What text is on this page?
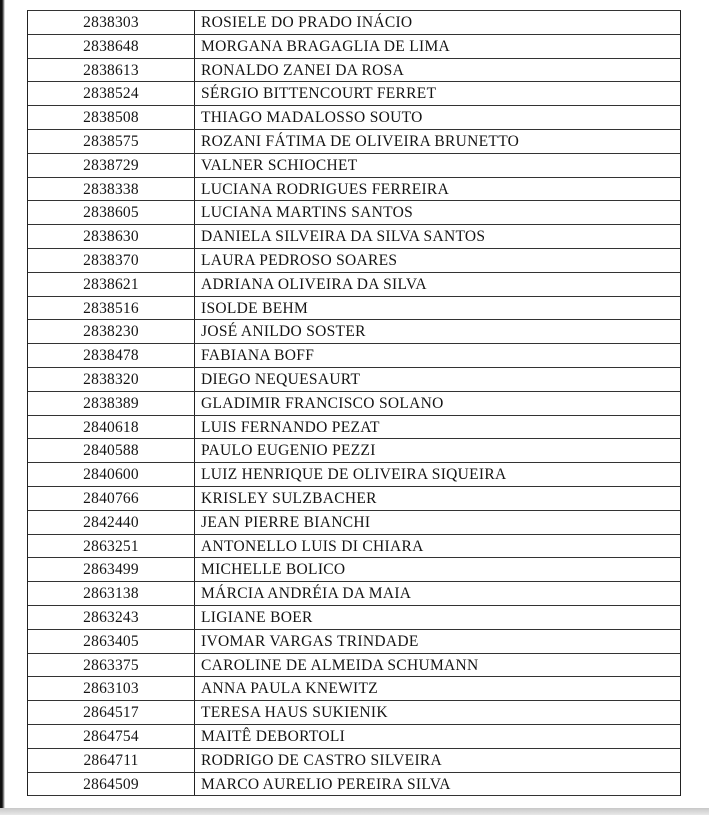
2838303	ROSIELE DO PRADO INÁCIO
2838648	MORGANA BRAGAGLIA DE LIMA
2838613	RONALDO ZANEI DA ROSA
2838524	SÉRGIO BITTENCOURT FERRET
2838508	THIAGO MADALOSSO SOUTO
2838575	ROZANI FÁTIMA DE OLIVEIRA BRUNETTO
2838729	VALNER SCHIOCHET
2838338	LUCIANA RODRIGUES FERREIRA
2838605	LUCIANA MARTINS SANTOS
2838630	DANIELA SILVEIRA DA SILVA SANTOS
2838370	LAURA PEDROSO SOARES
2838621	ADRIANA OLIVEIRA DA SILVA
2838516	ISOLDE BEHM
2838230	JOSÉ ANILDO SOSTER
2838478	FABIANA BOFF
2838320	DIEGO NEQUESAURT
2838389	GLADIMIR FRANCISCO SOLANO
2840618	LUIS FERNANDO PEZAT
2840588	PAULO EUGENIO PEZZI
2840600	LUIZ HENRIQUE DE OLIVEIRA SIQUEIRA
2840766	KRISLEY SULZBACHER
2842440	JEAN PIERRE BIANCHI
2863251	ANTONELLO LUIS DI CHIARA
2863499	MICHELLE BOLICO
2863138	MÁRCIA ANDRÉIA DA MAIA
2863243	LIGIANE BOER
2863405	IVOMAR VARGAS TRINDADE
2863375	CAROLINE DE ALMEIDA SCHUMANN
2863103	ANNA PAULA KNEWITZ
2864517	TERESA HAUS SUKIENIK
2864754	MAITÊ DEBORTOLI
2864711	RODRIGO DE CASTRO SILVEIRA
2864509	MARCO AURELIO PEREIRA SILVA
